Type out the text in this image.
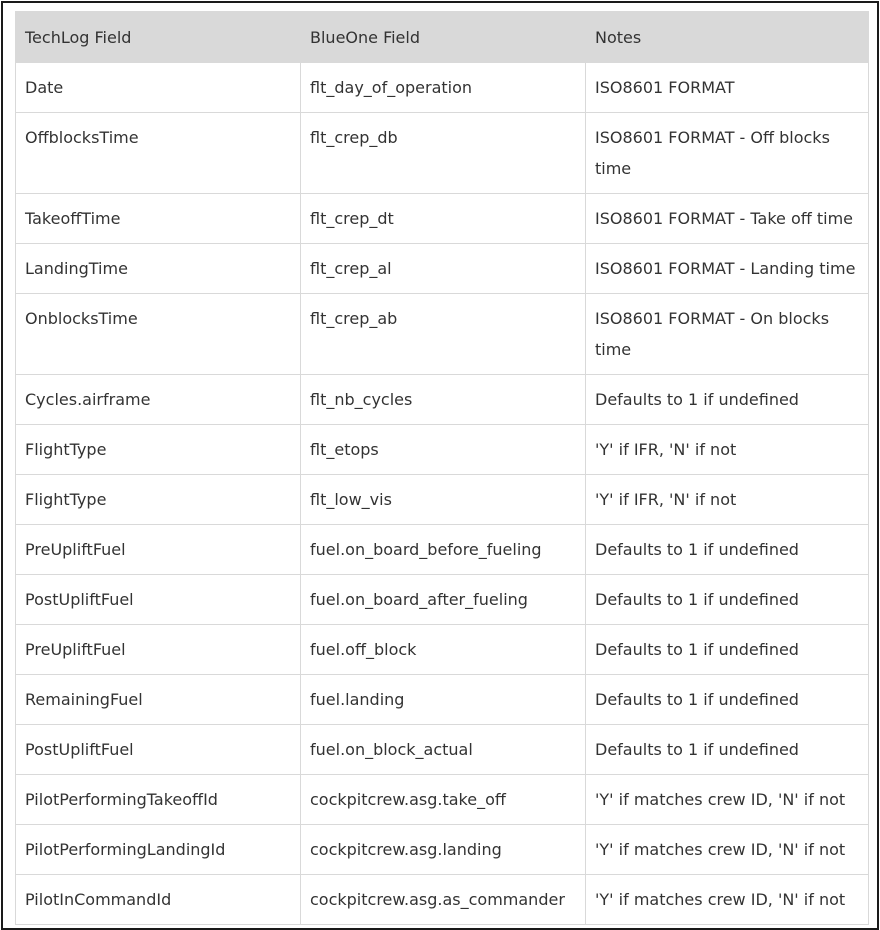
TechLog Field	BlueOne Field	Notes
Date	flt_day_of_operation	ISO8601 FORMAT
OffblocksTime	flt_crep_db	ISO8601 FORMAT - Off blocks time
TakeoffTime	flt_crep_dt	ISO8601 FORMAT - Take off time
LandingTime	flt_crep_al	ISO8601 FORMAT - Landing time
OnblocksTime	flt_crep_ab	ISO8601 FORMAT - On blocks time
Cycles.airframe	flt_nb_cycles	Defaults to 1 if undefined
FlightType	flt_etops	'Y' if IFR, 'N' if not
FlightType	flt_low_vis	'Y' if IFR, 'N' if not
PreUpliftFuel	fuel.on_board_before_fueling	Defaults to 1 if undefined
PostUpliftFuel	fuel.on_board_after_fueling	Defaults to 1 if undefined
PreUpliftFuel	fuel.off_block	Defaults to 1 if undefined
RemainingFuel	fuel.landing	Defaults to 1 if undefined
PostUpliftFuel	fuel.on_block_actual	Defaults to 1 if undefined
PilotPerformingTakeoffId	cockpitcrew.asg.take_off	'Y' if matches crew ID, 'N' if not
PilotPerformingLandingId	cockpitcrew.asg.landing	'Y' if matches crew ID, 'N' if not
PilotInCommandId	cockpitcrew.asg.as_commander	'Y' if matches crew ID, 'N' if not
